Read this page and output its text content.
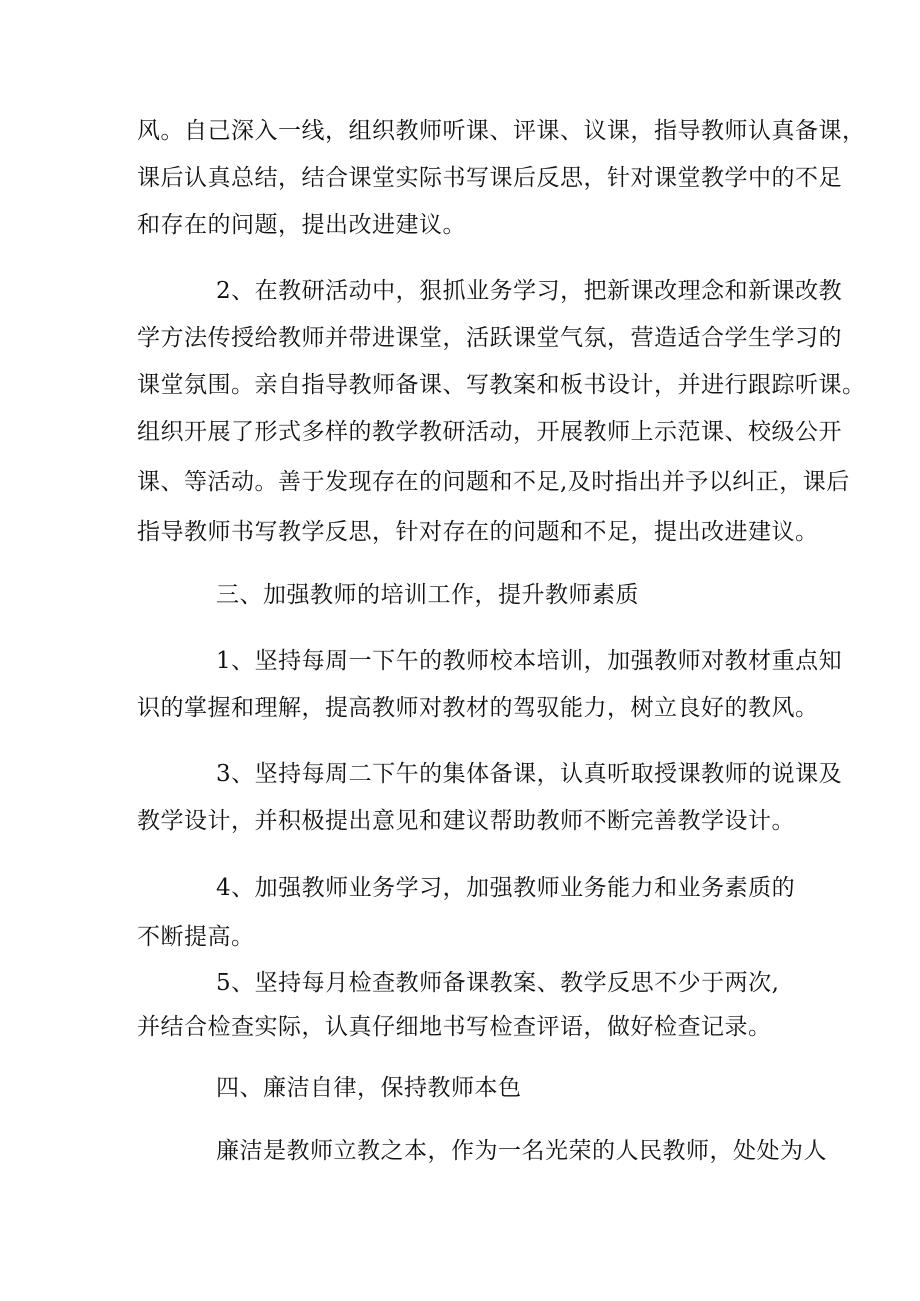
风。自己深入一线，组织教师听课、评课、议课，指导教师认真备课，
课后认真总结，结合课堂实际书写课后反思，针对课堂教学中的不足
和存在的问题，提出改进建议。
2、在教研活动中，狠抓业务学习，把新课改理念和新课改教
学方法传授给教师并带进课堂，活跃课堂气氛，营造适合学生学习的
课堂氛围。亲自指导教师备课、写教案和板书设计，并进行跟踪听课。
组织开展了形式多样的教学教研活动，开展教师上示范课、校级公开
课、等活动。善于发现存在的问题和不足,及时指出并予以纠正，课后
指导教师书写教学反思，针对存在的问题和不足，提出改进建议。
三、加强教师的培训工作，提升教师素质
1、坚持每周一下午的教师校本培训，加强教师对教材重点知
识的掌握和理解，提高教师对教材的驾驭能力，树立良好的教风。
3、坚持每周二下午的集体备课，认真听取授课教师的说课及
教学设计，并积极提出意见和建议帮助教师不断完善教学设计。
4、加强教师业务学习，加强教师业务能力和业务素质的
不断提高。
5、坚持每月检查教师备课教案、教学反思不少于两次,
并结合检查实际，认真仔细地书写检查评语，做好检查记录。
四、廉洁自律，保持教师本色
廉洁是教师立教之本，作为一名光荣的人民教师，处处为人
